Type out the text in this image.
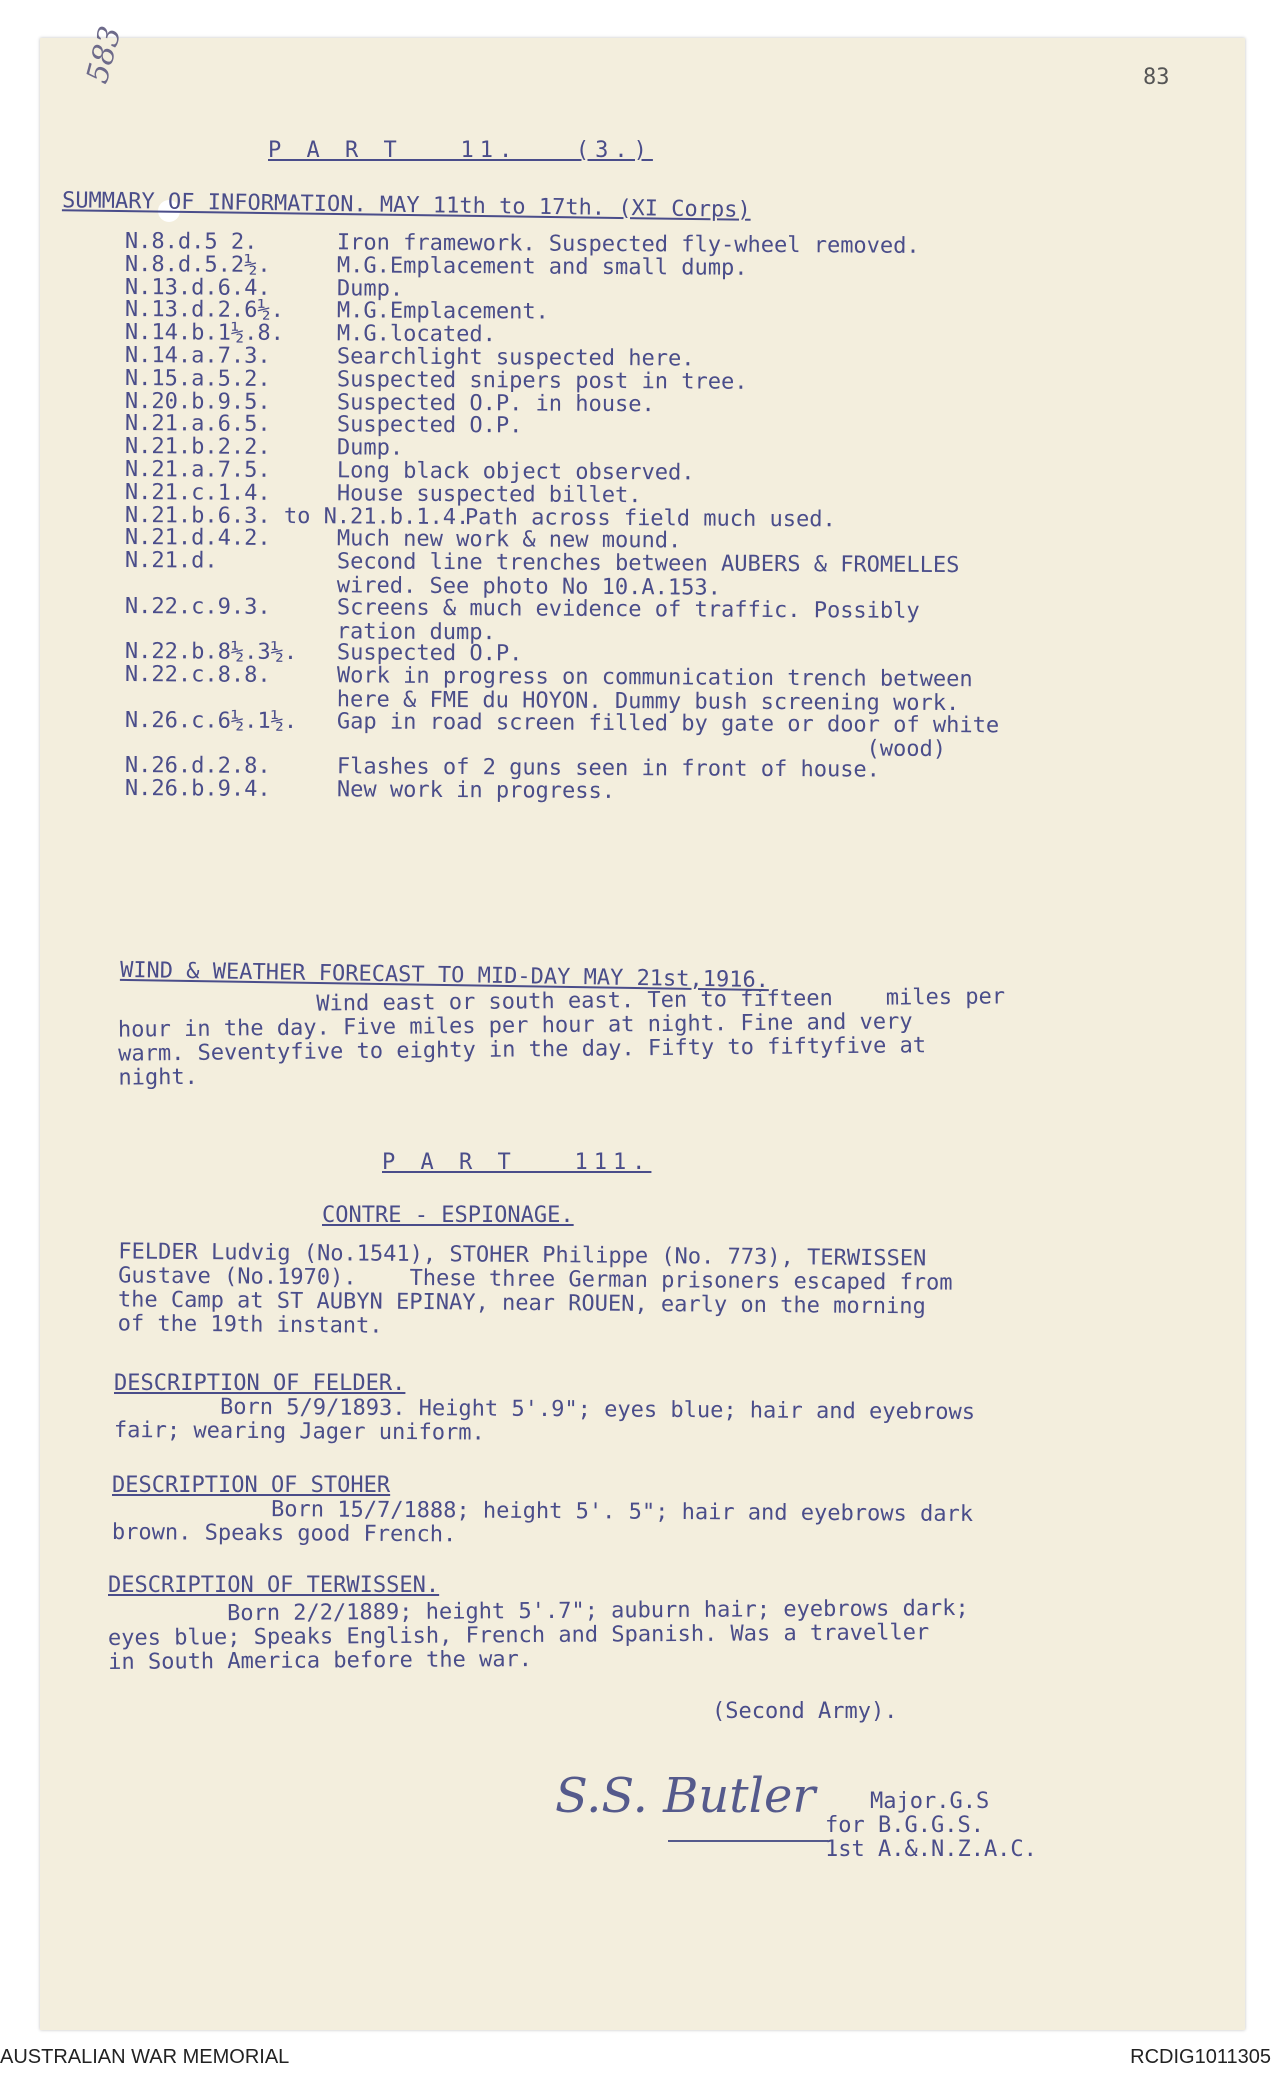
583	83
P A R T   11.   (3.)
SUMMARY OF INFORMATION. MAY 11th to 17th. (XI Corps)
N.8.d.5 2.	Iron framework. Suspected fly-wheel removed.
N.8.d.5.2½.	M.G.Emplacement and small dump.
N.13.d.6.4.	Dump.
N.13.d.2.6½. M.G.Emplacement.
N.14.b.1½.8. M.G.located.
N.14.a.7.3.	Searchlight suspected here.
N.15.a.5.2.	Suspected snipers post in tree.
N.20.b.9.5.	Suspected O.P. in house.
N.21.a.6.5.	Suspected O.P.
N.21.b.2.2.	Dump.
N.21.a.7.5.	Long black object observed.
N.21.c.1.4.	House suspected billet.
N.21.b.6.3. to N.21.b.1.4.
Path across field much used.
N.21.d.4.2.	Much new work & new mound.
N.21.d.	Second line trenches between AUBERS & FROMELLES
wired. See photo No 10.A.153.
N.22.c.9.3.	Screens & much evidence of traffic. Possibly
ration dump.
N.22.b.8½.3½. Suspected O.P.
N.22.c.8.8.	Work in progress on communication trench between
here & FME du HOYON. Dummy bush screening work.
N.26.c.6½.1½. Gap in road screen filled by gate or door of white
(wood)
N.26.d.2.8.	Flashes of 2 guns seen in front of house.
N.26.b.9.4.	New work in progress.
WIND & WEATHER FORECAST TO MID-DAY MAY 21st,1916.
Wind east or south east. Ten to fifteen    miles per
hour in the day. Five miles per hour at night. Fine and very
warm. Seventyfive to eighty in the day. Fifty to fiftyfive at
night.
P A R T   111.
CONTRE - ESPIONAGE.
FELDER Ludvig (No.1541), STOHER Philippe (No. 773), TERWISSEN
Gustave (No.1970).    These three German prisoners escaped from
the Camp at ST AUBYN EPINAY, near ROUEN, early on the morning
of the 19th instant.
DESCRIPTION OF FELDER.
Born 5/9/1893. Height 5'.9"; eyes blue; hair and eyebrows
fair; wearing Jager uniform.
DESCRIPTION OF STOHER
Born 15/7/1888; height 5'. 5"; hair and eyebrows dark
brown. Speaks good French.
DESCRIPTION OF TERWISSEN.
Born 2/2/1889; height 5'.7"; auburn hair; eyebrows dark;
eyes blue; Speaks English, French and Spanish. Was a traveller
in South America before the war.
(Second Army).
S.S. Butler Major.G.S
for B.G.G.S.
1st A.&.N.Z.A.C.
AUSTRALIAN WAR MEMORIAL	RCDIG1011305
